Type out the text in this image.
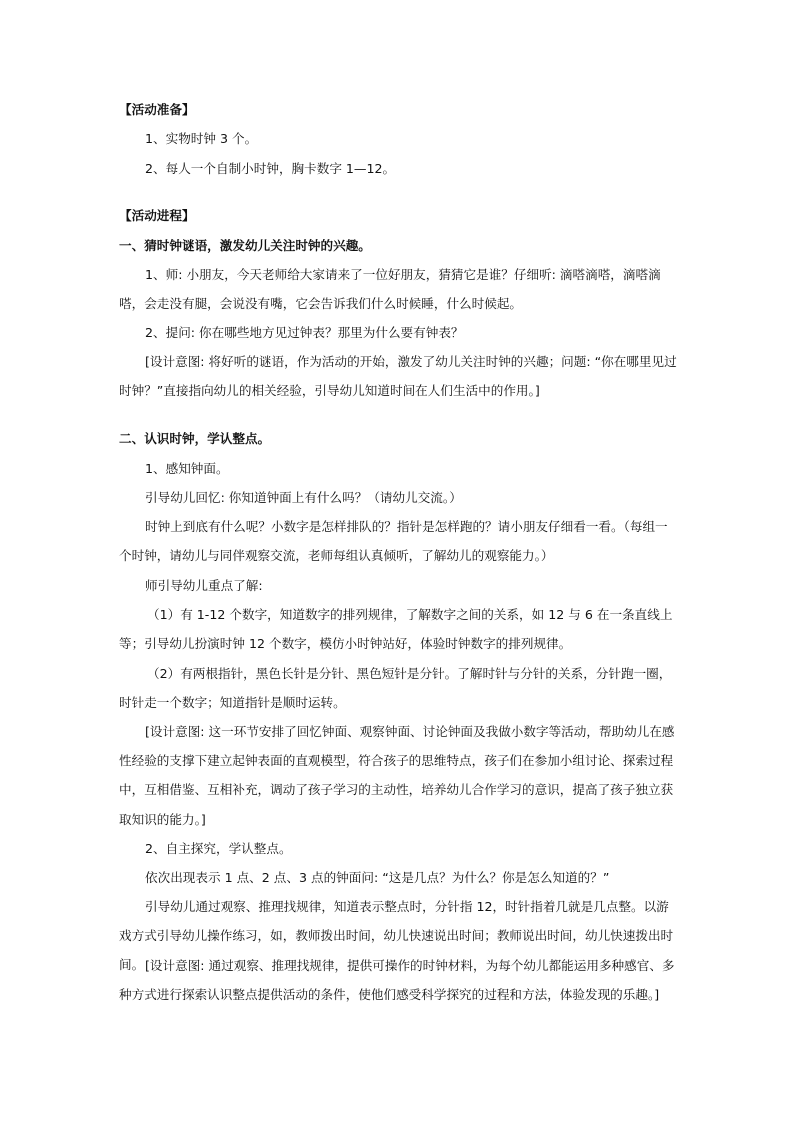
【活动准备】
1、实物时钟 3 个。
2、每人一个自制小时钟，胸卡数字 1—12。
【活动进程】
一、猜时钟谜语，激发幼儿关注时钟的兴趣。
1、师: 小朋友，今天老师给大家请来了一位好朋友，猜猜它是谁？仔细听: 滴嗒滴嗒，滴嗒滴嗒，会走没有腿，会说没有嘴，它会告诉我们什么时候睡，什么时候起。
2、提问: 你在哪些地方见过钟表？那里为什么要有钟表？
[设计意图: 将好听的谜语，作为活动的开始，激发了幼儿关注时钟的兴趣；问题: “你在哪里见过时钟？”直接指向幼儿的相关经验，引导幼儿知道时间在人们生活中的作用。]
二、认识时钟，学认整点。
1、感知钟面。
引导幼儿回忆: 你知道钟面上有什么吗？（请幼儿交流。）
时钟上到底有什么呢？小数字是怎样排队的？指针是怎样跑的？请小朋友仔细看一看。（每组一个时钟，请幼儿与同伴观察交流，老师每组认真倾听，了解幼儿的观察能力。）
师引导幼儿重点了解:
（1）有 1-12 个数字，知道数字的排列规律，了解数字之间的关系，如 12 与 6 在一条直线上等；引导幼儿扮演时钟 12 个数字，模仿小时钟站好，体验时钟数字的排列规律。
（2）有两根指针，黑色长针是分针、黑色短针是分针。了解时针与分针的关系，分针跑一圈，时针走一个数字；知道指针是顺时运转。
[设计意图: 这一环节安排了回忆钟面、观察钟面、讨论钟面及我做小数字等活动，帮助幼儿在感性经验的支撑下建立起钟表面的直观模型，符合孩子的思维特点，孩子们在参加小组讨论、探索过程中，互相借鉴、互相补充，调动了孩子学习的主动性，培养幼儿合作学习的意识，提高了孩子独立获取知识的能力。]
2、自主探究，学认整点。
依次出现表示 1 点、2 点、3 点的钟面问: “这是几点？为什么？你是怎么知道的？”
引导幼儿通过观察、推理找规律，知道表示整点时，分针指 12，时针指着几就是几点整。以游戏方式引导幼儿操作练习，如，教师拨出时间，幼儿快速说出时间；教师说出时间，幼儿快速拨出时间。 [设计意图: 通过观察、推理找规律，提供可操作的时钟材料，为每个幼儿都能运用多种感官、多种方式进行探索认识整点提供活动的条件，使他们感受科学探究的过程和方法，体验发现的乐趣。]
